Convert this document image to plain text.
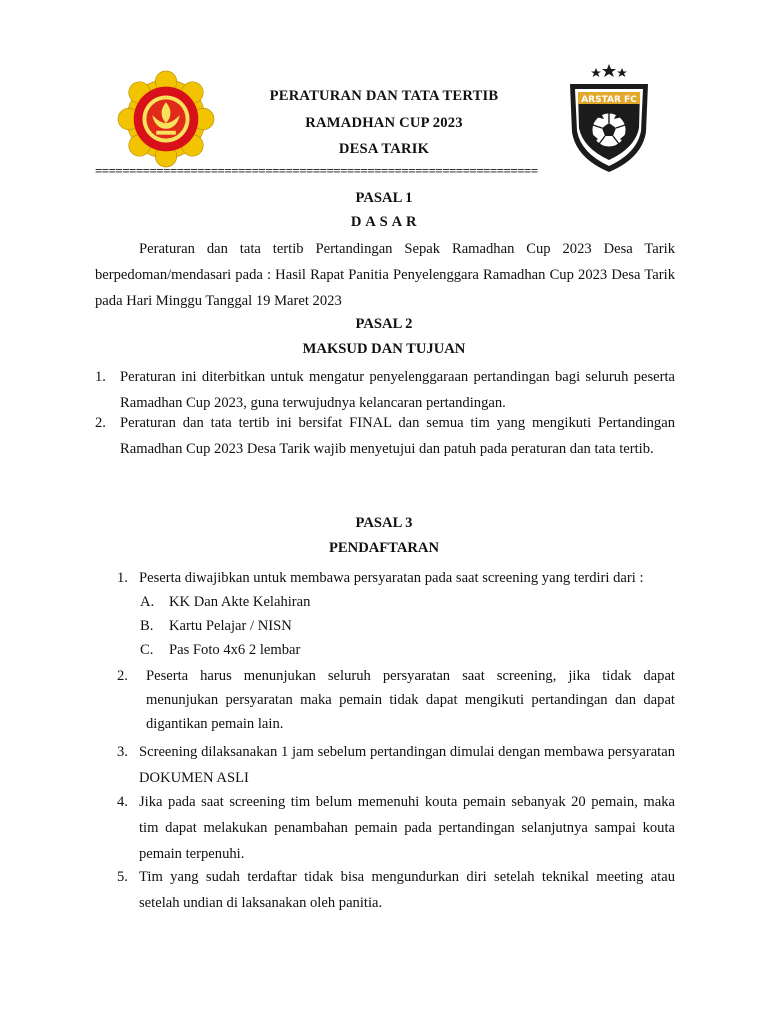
ARSTAR FC
PERATURAN DAN TATA TERTIB
RAMADHAN CUP 2023
DESA TARIK
=================================================================
PASAL 1
D A S A R
Peraturan dan tata tertib Pertandingan Sepak Ramadhan Cup 2023 Desa Tarik berpedoman/mendasari pada : Hasil Rapat Panitia Penyelenggara Ramadhan Cup 2023 Desa Tarik pada Hari Minggu Tanggal 19 Maret 2023
PASAL 2
MAKSUD DAN TUJUAN
1. Peraturan ini diterbitkan untuk mengatur penyelenggaraan pertandingan bagi seluruh peserta Ramadhan Cup 2023, guna terwujudnya kelancaran pertandingan.
2. Peraturan dan tata tertib ini bersifat FINAL dan semua tim yang mengikuti Pertandingan Ramadhan Cup 2023 Desa Tarik wajib menyetujui dan patuh pada peraturan dan tata tertib.
PASAL 3
PENDAFTARAN
1. Peserta diwajibkan untuk membawa persyaratan pada saat screening yang terdiri dari :
A. KK Dan Akte Kelahiran
B. Kartu Pelajar / NISN
C. Pas Foto 4x6 2 lembar
2. Peserta harus menunjukan seluruh persyaratan saat screening, jika tidak dapat menunjukan persyaratan maka pemain tidak dapat mengikuti pertandingan dan dapat digantikan pemain lain.
3. Screening dilaksanakan 1 jam sebelum pertandingan dimulai dengan membawa persyaratan DOKUMEN ASLI
4. Jika pada saat screening tim belum memenuhi kouta pemain sebanyak 20 pemain, maka tim dapat melakukan penambahan pemain pada pertandingan selanjutnya sampai kouta pemain terpenuhi.
5. Tim yang sudah terdaftar tidak bisa mengundurkan diri setelah teknikal meeting atau setelah undian di laksanakan oleh panitia.
